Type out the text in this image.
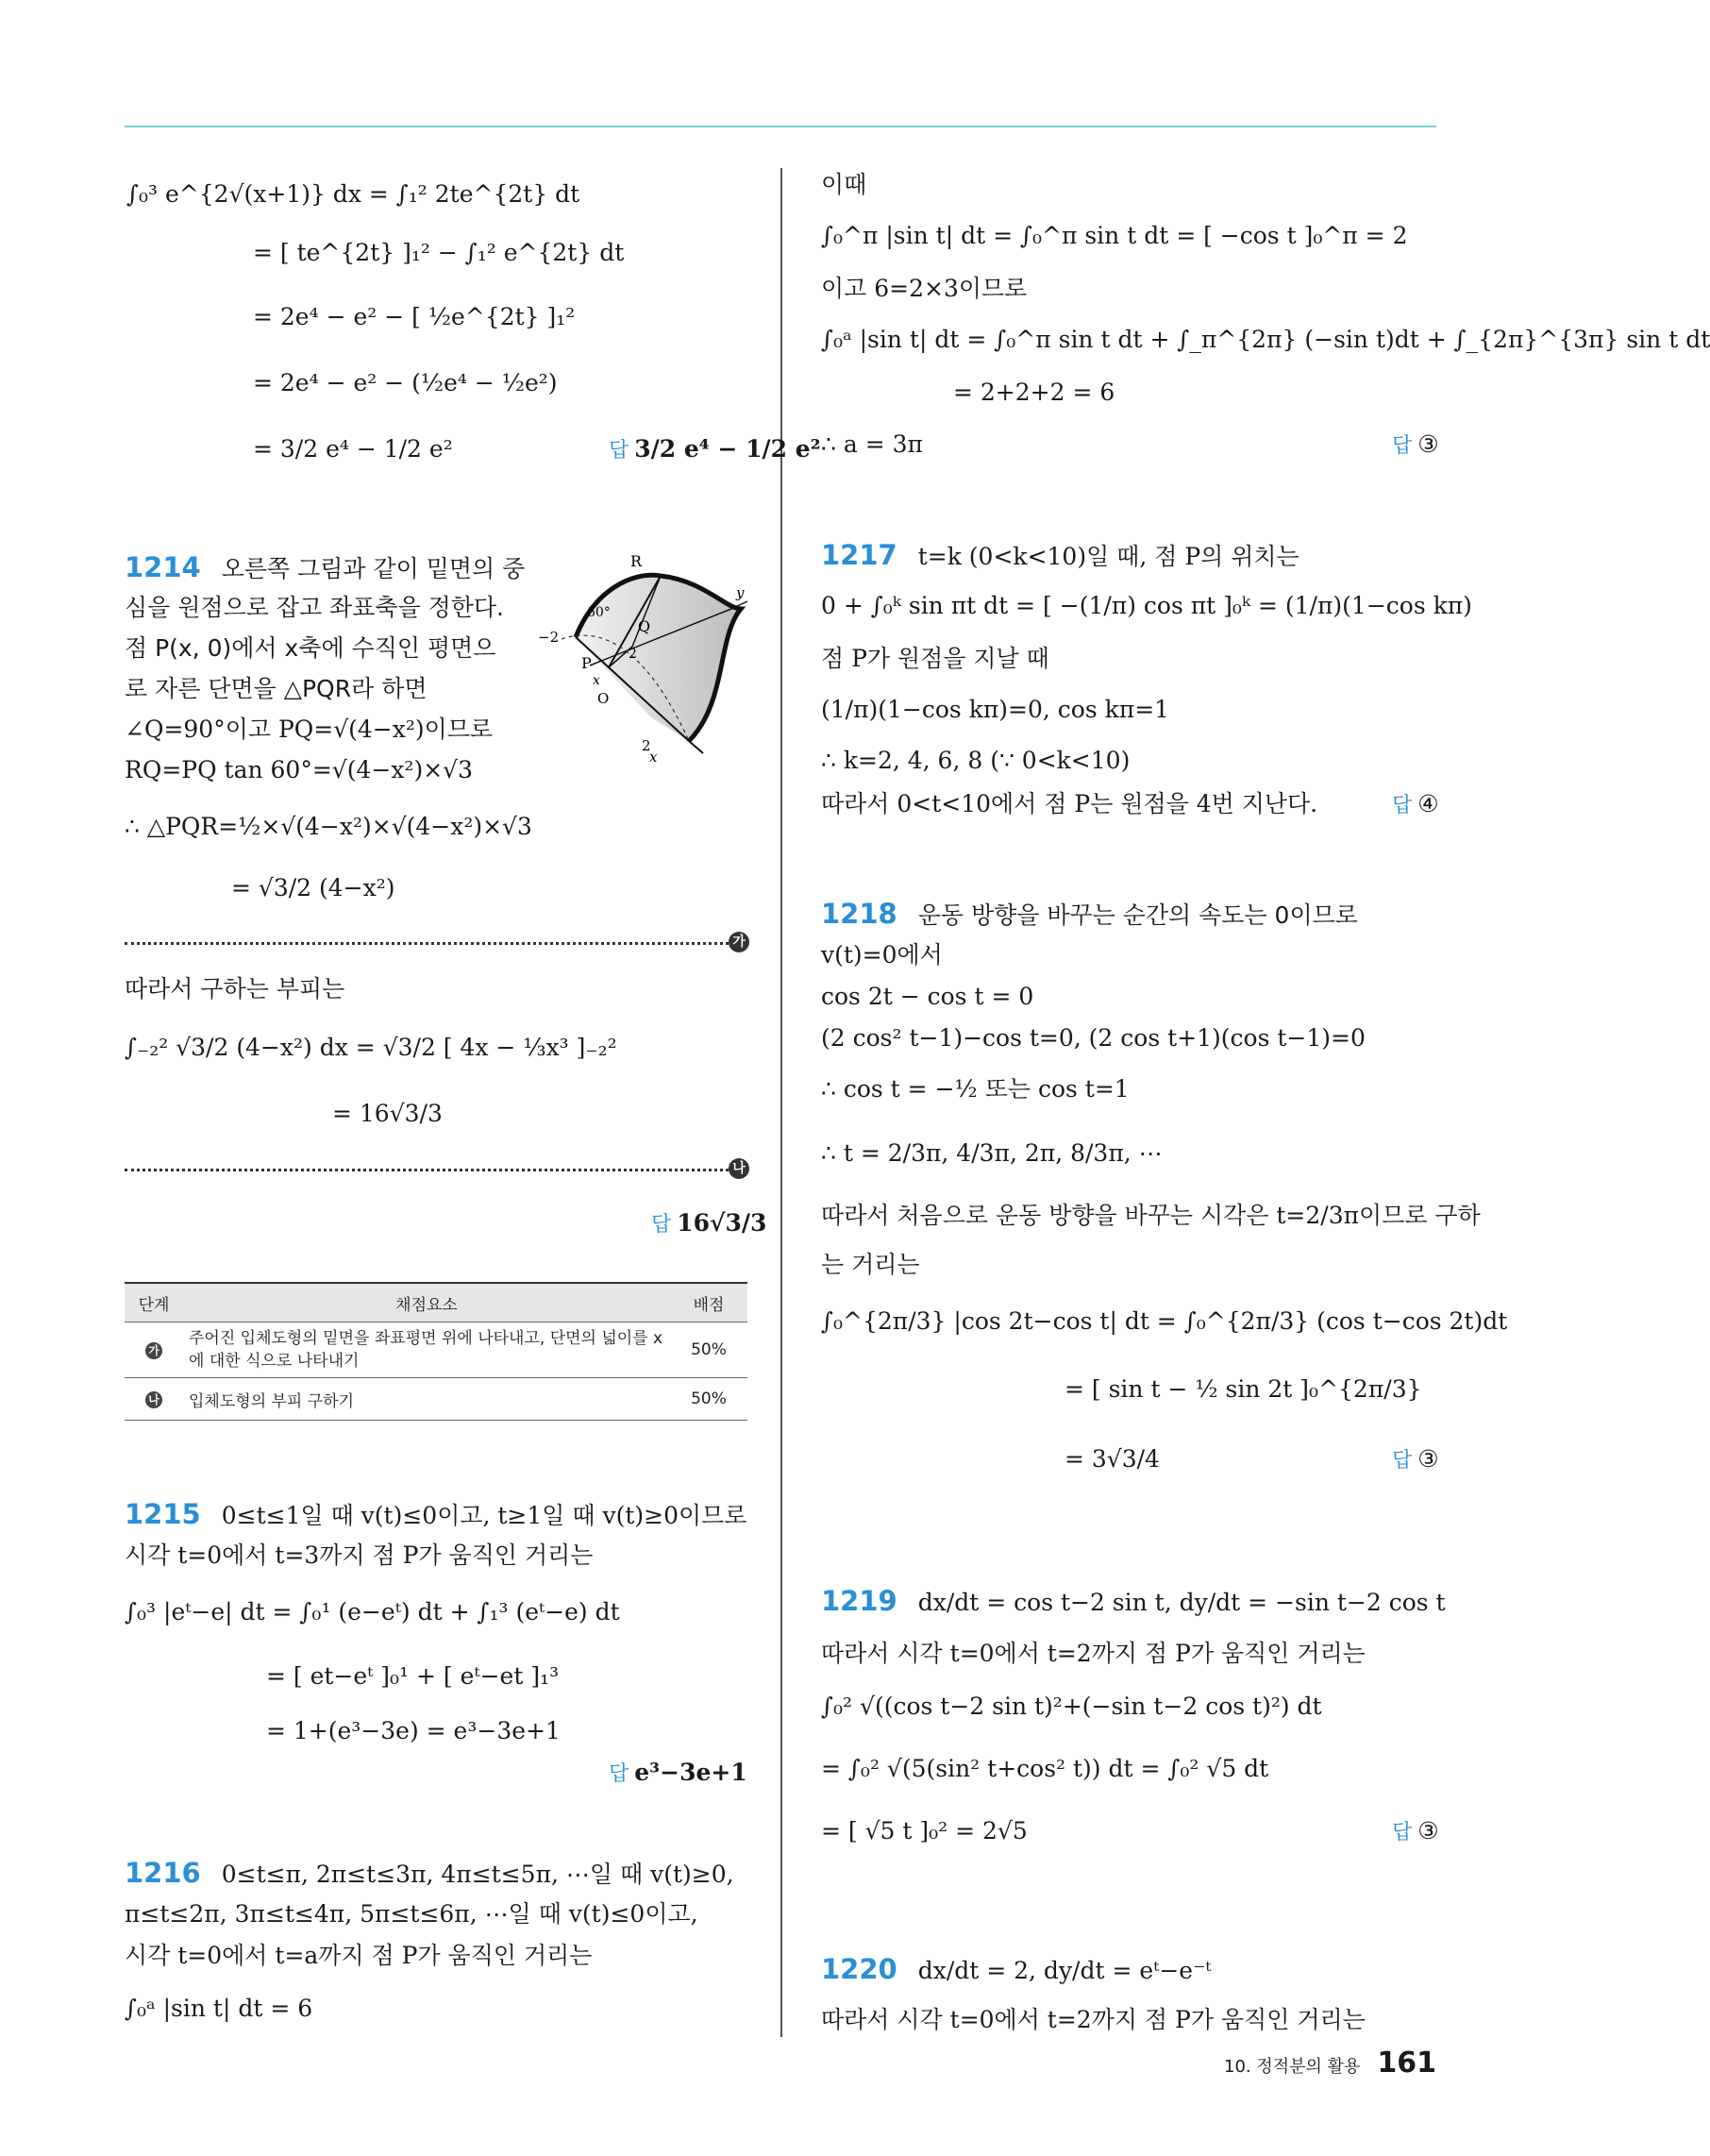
∫₀³ e^{2√(x+1)} dx = ∫₁² 2te^{2t} dt
= [ te^{2t} ]₁² − ∫₁² e^{2t} dt
= 2e⁴ − e² − [ ½e^{2t} ]₁²
= 2e⁴ − e² − (½e⁴ − ½e²)
= 3/2 e⁴ − 1/2 e²	답 3/2 e⁴ − 1/2 e²
1214 오른쪽 그림과 같이 밑면의 중
심을 원점으로 잡고 좌표축을 정한다.
점 P(x, 0)에서 x축에 수직인 평면으
로 자른 단면을 △PQR라 하면
∠Q=90°이고 PQ=√(4−x²)이므로
RQ=PQ tan 60°=√(4−x²)×√3
∴ △PQR=½×√(4−x²)×√(4−x²)×√3
= √3/2 (4−x²)
R
y
−2
60°
Q
P
x
O
2
2
x
가
따라서 구하는 부피는
∫₋₂² √3/2 (4−x²) dx = √3/2 [ 4x − ⅓x³ ]₋₂²
= 16√3/3
나
답 16√3/3
단계	채점요소	배점
가	주어진 입체도형의 밑면을 좌표평면 위에 나타내고, 단면의 넓이를 x에 대한 식으로 나타내기	50%
나	입체도형의 부피 구하기	50%
1215 0≤t≤1일 때 v(t)≤0이고, t≥1일 때 v(t)≥0이므로
시각 t=0에서 t=3까지 점 P가 움직인 거리는
∫₀³ |eᵗ−e| dt = ∫₀¹ (e−eᵗ) dt + ∫₁³ (eᵗ−e) dt
= [ et−eᵗ ]₀¹ + [ eᵗ−et ]₁³
= 1+(e³−3e) = e³−3e+1
답 e³−3e+1
1216 0≤t≤π, 2π≤t≤3π, 4π≤t≤5π, ⋯일 때 v(t)≥0,
π≤t≤2π, 3π≤t≤4π, 5π≤t≤6π, ⋯일 때 v(t)≤0이고,
시각 t=0에서 t=a까지 점 P가 움직인 거리는
∫₀ᵃ |sin t| dt = 6
이때
∫₀^π |sin t| dt = ∫₀^π sin t dt = [ −cos t ]₀^π = 2
이고 6=2×3이므로
∫₀ᵃ |sin t| dt = ∫₀^π sin t dt + ∫_π^{2π} (−sin t)dt + ∫_{2π}^{3π} sin t dt
= 2+2+2 = 6
∴ a = 3π	답 ③
1217 t=k (0<k<10)일 때, 점 P의 위치는
0 + ∫₀ᵏ sin πt dt = [ −(1/π) cos πt ]₀ᵏ = (1/π)(1−cos kπ)
점 P가 원점을 지날 때
(1/π)(1−cos kπ)=0, cos kπ=1
∴ k=2, 4, 6, 8 (∵ 0<k<10)
따라서 0<t<10에서 점 P는 원점을 4번 지난다.	답 ④
1218 운동 방향을 바꾸는 순간의 속도는 0이므로
v(t)=0에서
cos 2t − cos t = 0
(2 cos² t−1)−cos t=0, (2 cos t+1)(cos t−1)=0
∴ cos t = −½ 또는 cos t=1
∴ t = 2/3π, 4/3π, 2π, 8/3π, ⋯
따라서 처음으로 운동 방향을 바꾸는 시각은 t=2/3π이므로 구하
는 거리는
∫₀^{2π/3} |cos 2t−cos t| dt = ∫₀^{2π/3} (cos t−cos 2t)dt
= [ sin t − ½ sin 2t ]₀^{2π/3}
= 3√3/4	답 ③
1219 dx/dt = cos t−2 sin t, dy/dt = −sin t−2 cos t
따라서 시각 t=0에서 t=2까지 점 P가 움직인 거리는
∫₀² √((cos t−2 sin t)²+(−sin t−2 cos t)²) dt
= ∫₀² √(5(sin² t+cos² t)) dt = ∫₀² √5 dt
= [ √5 t ]₀² = 2√5	답 ③
1220 dx/dt = 2, dy/dt = eᵗ−e⁻ᵗ
따라서 시각 t=0에서 t=2까지 점 P가 움직인 거리는
10. 정적분의 활용 161
